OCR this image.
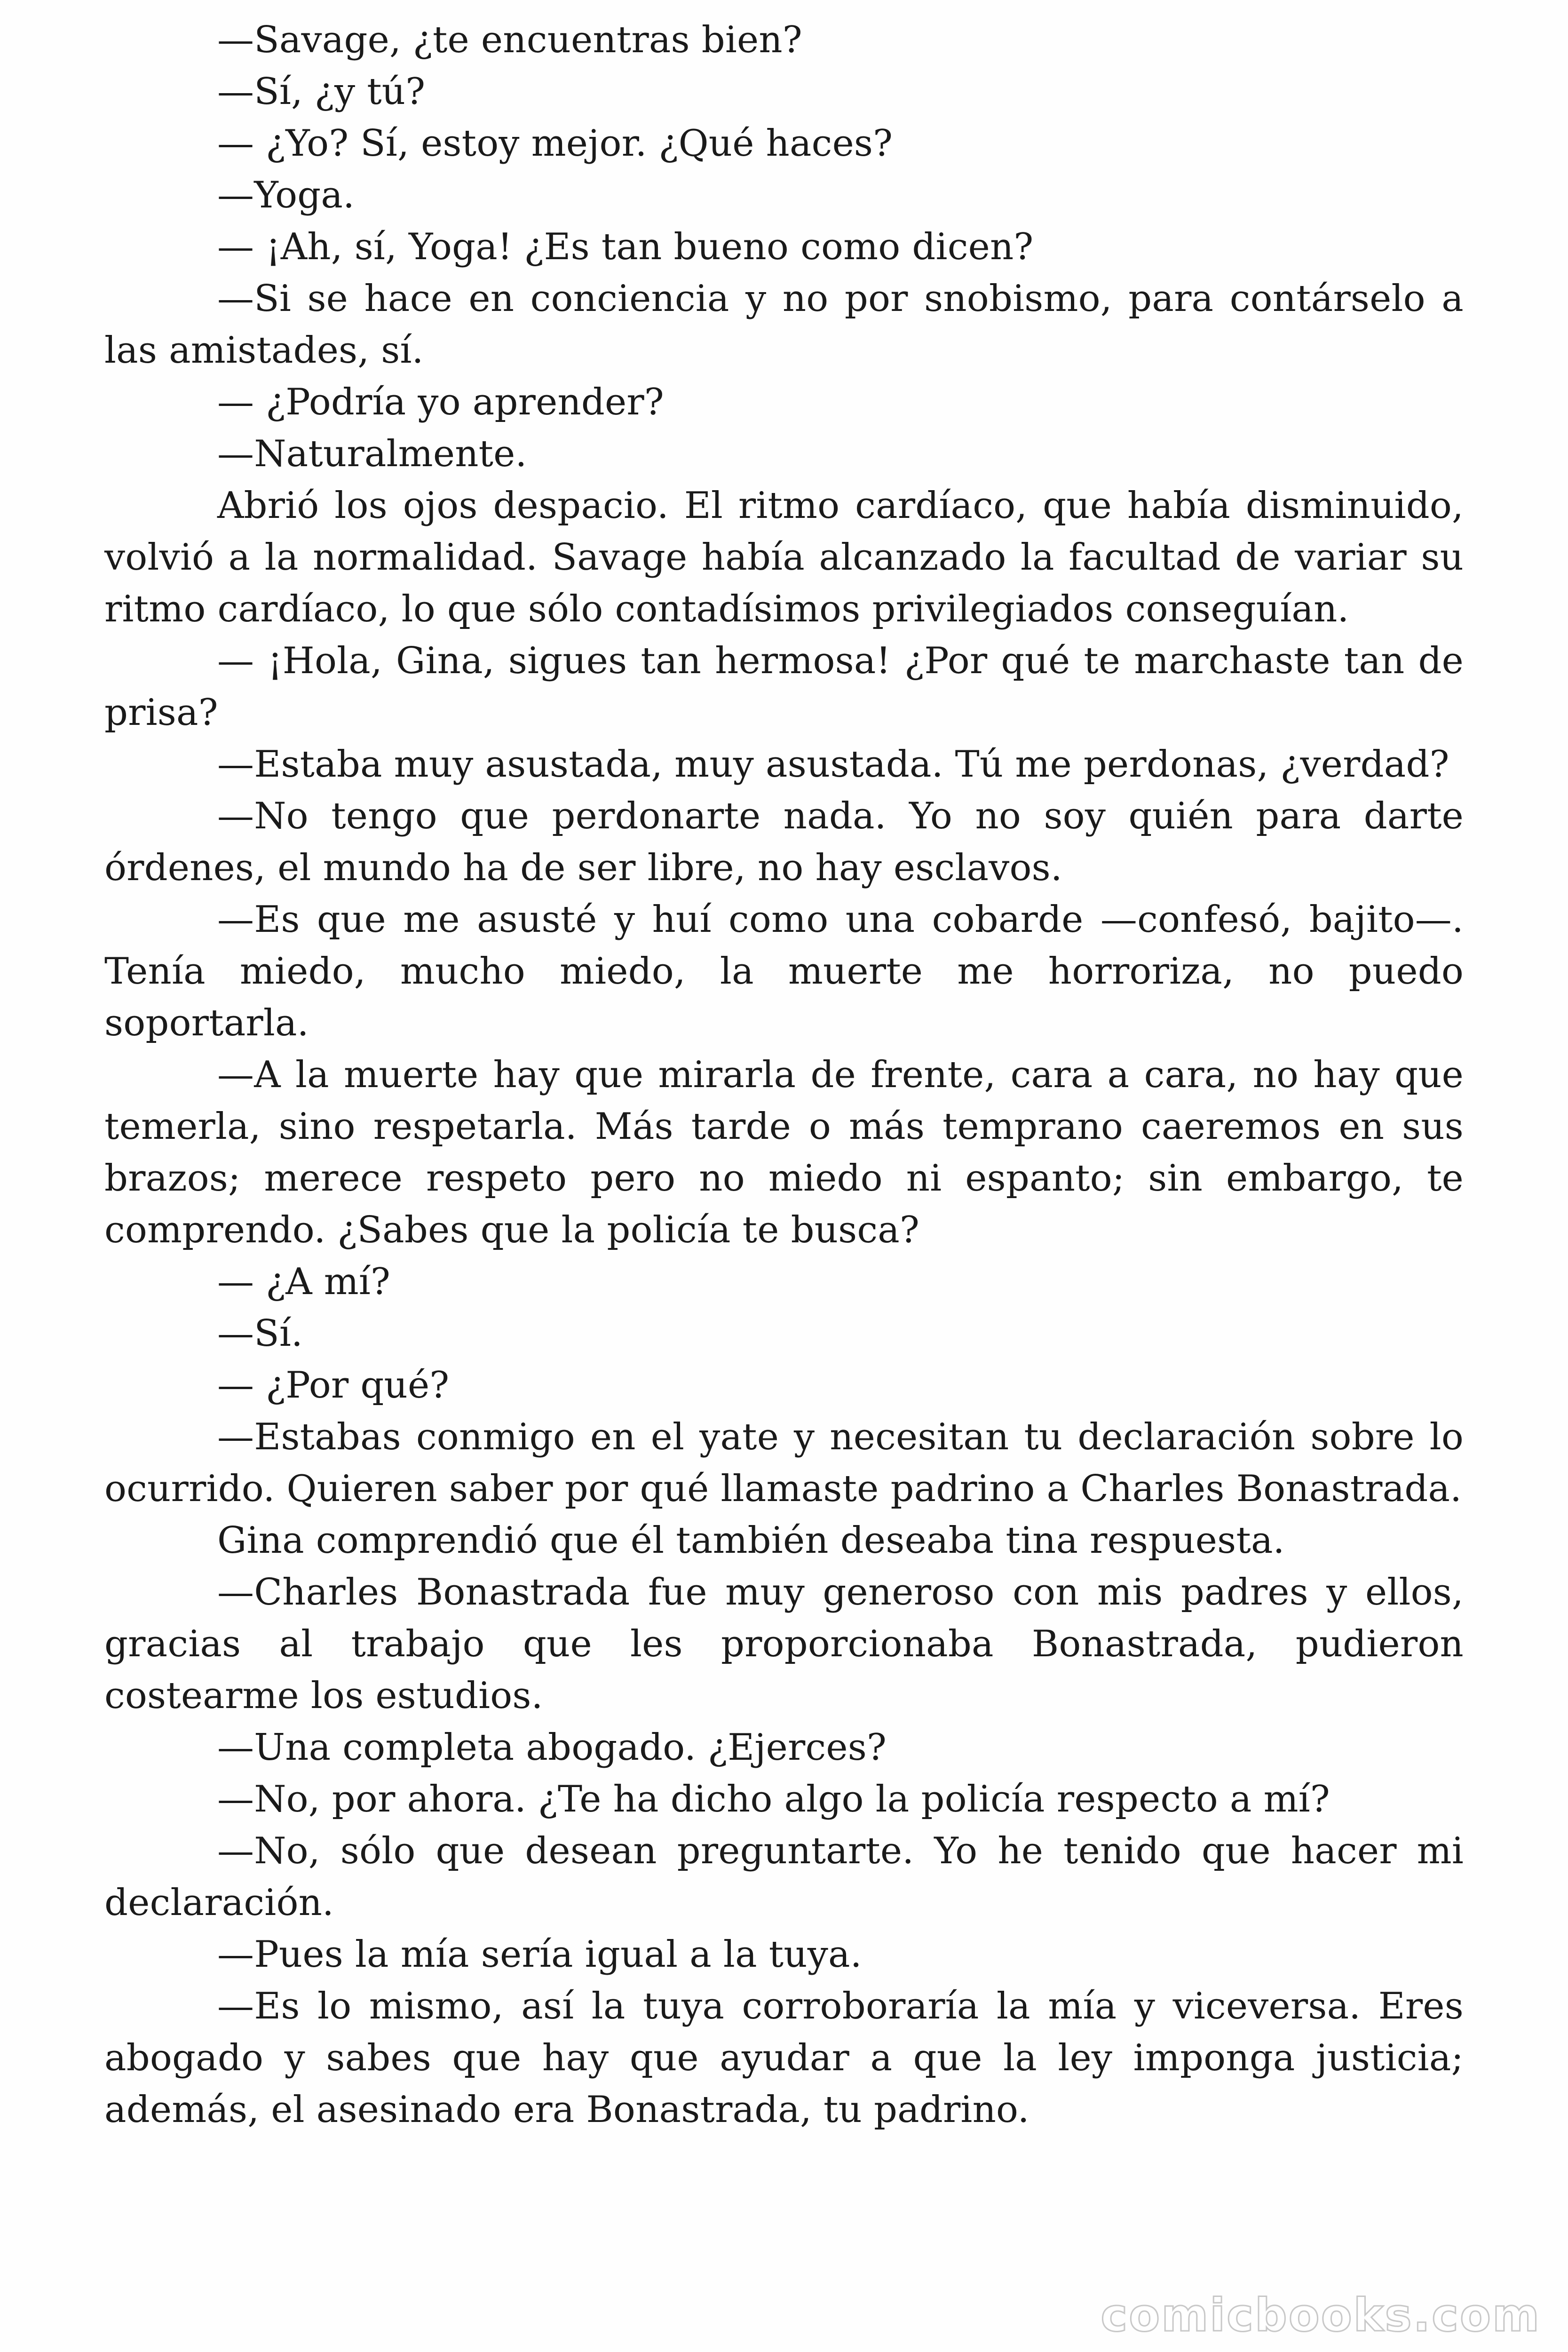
—Savage, ¿te encuentras bien?

—Sí, ¿y tú?

— ¿Yo? Sí, estoy mejor. ¿Qué haces?

—Yoga.

— ¡Ah, sí, Yoga! ¿Es tan bueno como dicen?

—Si se hace en conciencia y no por snobismo, para contárselo a las amistades, sí.

— ¿Podría yo aprender?

—Naturalmente.

Abrió los ojos despacio. El ritmo cardíaco, que había disminuido, volvió a la normalidad. Savage había alcanzado la facultad de variar su ritmo cardíaco, lo que sólo contadísimos privilegiados conseguían.

— ¡Hola, Gina, sigues tan hermosa! ¿Por qué te marchaste tan de prisa?

—Estaba muy asustada, muy asustada. Tú me perdonas, ¿verdad?

—No tengo que perdonarte nada. Yo no soy quién para darte órdenes, el mundo ha de ser libre, no hay esclavos.

—Es que me asusté y huí como una cobarde —confesó, bajito—. Tenía miedo, mucho miedo, la muerte me horroriza, no puedo soportarla.

—A la muerte hay que mirarla de frente, cara a cara, no hay que temerla, sino respetarla. Más tarde o más temprano caeremos en sus brazos; merece respeto pero no miedo ni espanto; sin embargo, te comprendo. ¿Sabes que la policía te busca?

— ¿A mí?

—Sí.

— ¿Por qué?

—Estabas conmigo en el yate y necesitan tu declaración sobre lo ocurrido. Quieren saber por qué llamaste padrino a Charles Bonastrada.

Gina comprendió que él también deseaba tina respuesta.

—Charles Bonastrada fue muy generoso con mis padres y ellos, gracias al trabajo que les proporcionaba Bonastrada, pudieron costearme los estudios.

—Una completa abogado. ¿Ejerces?

—No, por ahora. ¿Te ha dicho algo la policía respecto a mí?

—No, sólo que desean preguntarte. Yo he tenido que hacer mi declaración.

—Pues la mía sería igual a la tuya.

—Es lo mismo, así la tuya corroboraría la mía y viceversa. Eres abogado y sabes que hay que ayudar a que la ley imponga justicia; además, el asesinado era Bonastrada, tu padrino.

comicbooks.com
